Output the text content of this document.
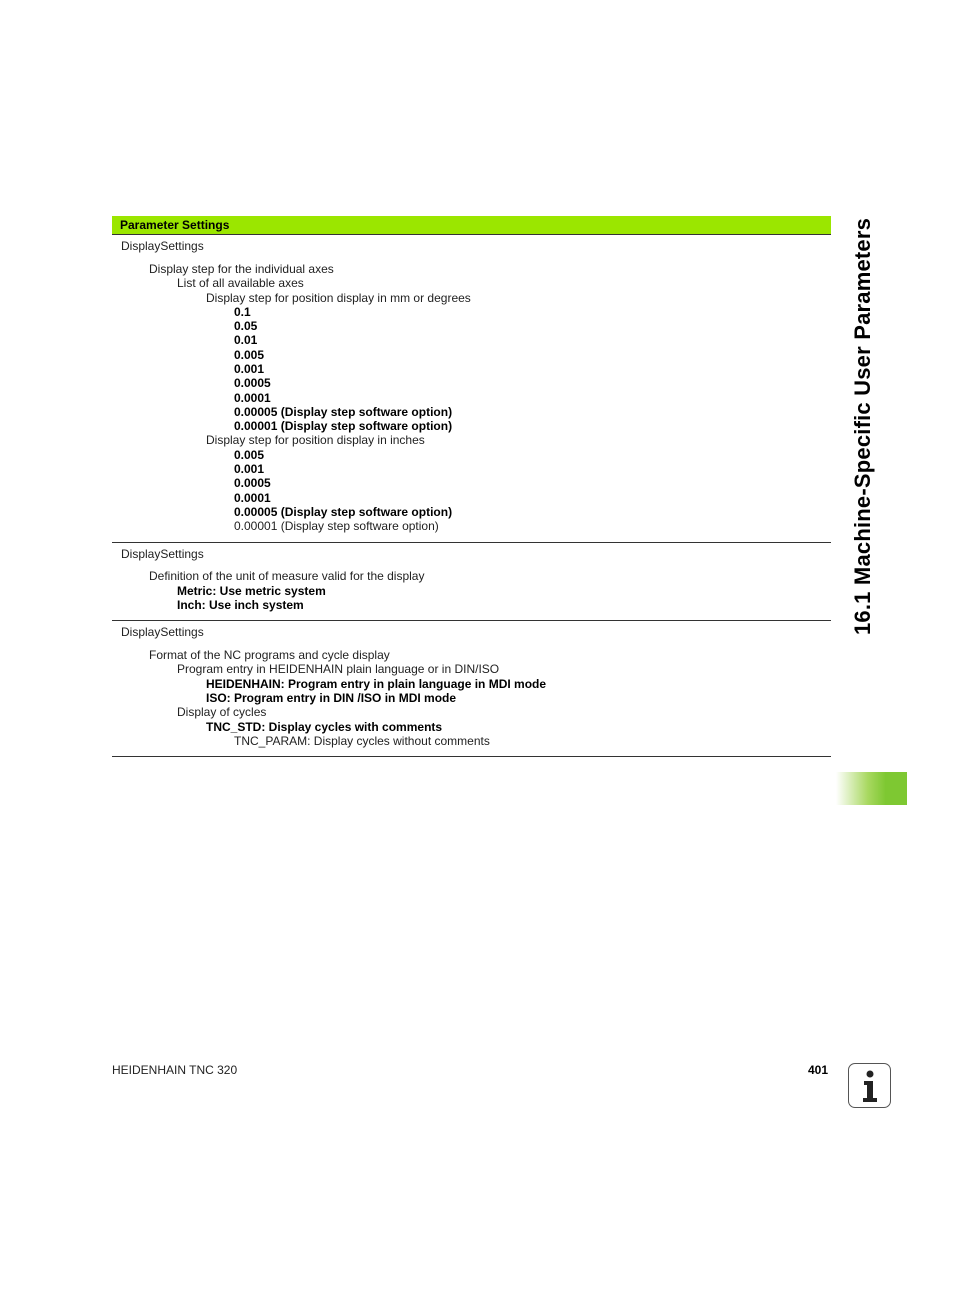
Parameter Settings
DisplaySettings
Display step for the individual axes
List of all available axes
Display step for position display in mm or degrees
0.1
0.05
0.01
0.005
0.001
0.0005
0.0001
0.00005 (Display step software option)
0.00001 (Display step software option)
Display step for position display in inches
0.005
0.001
0.0005
0.0001
0.00005 (Display step software option)
0.00001 (Display step software option)
DisplaySettings
Definition of the unit of measure valid for the display
Metric: Use metric system
Inch: Use inch system
DisplaySettings
Format of the NC programs and cycle display
Program entry in HEIDENHAIN plain language or in DIN/ISO
HEIDENHAIN: Program entry in plain language in MDI mode
ISO: Program entry in DIN /ISO in MDI mode
Display of cycles
TNC_STD: Display cycles with comments
TNC_PARAM: Display cycles without comments
16.1 Machine-Specific User Parameters
HEIDENHAIN TNC 320	401
